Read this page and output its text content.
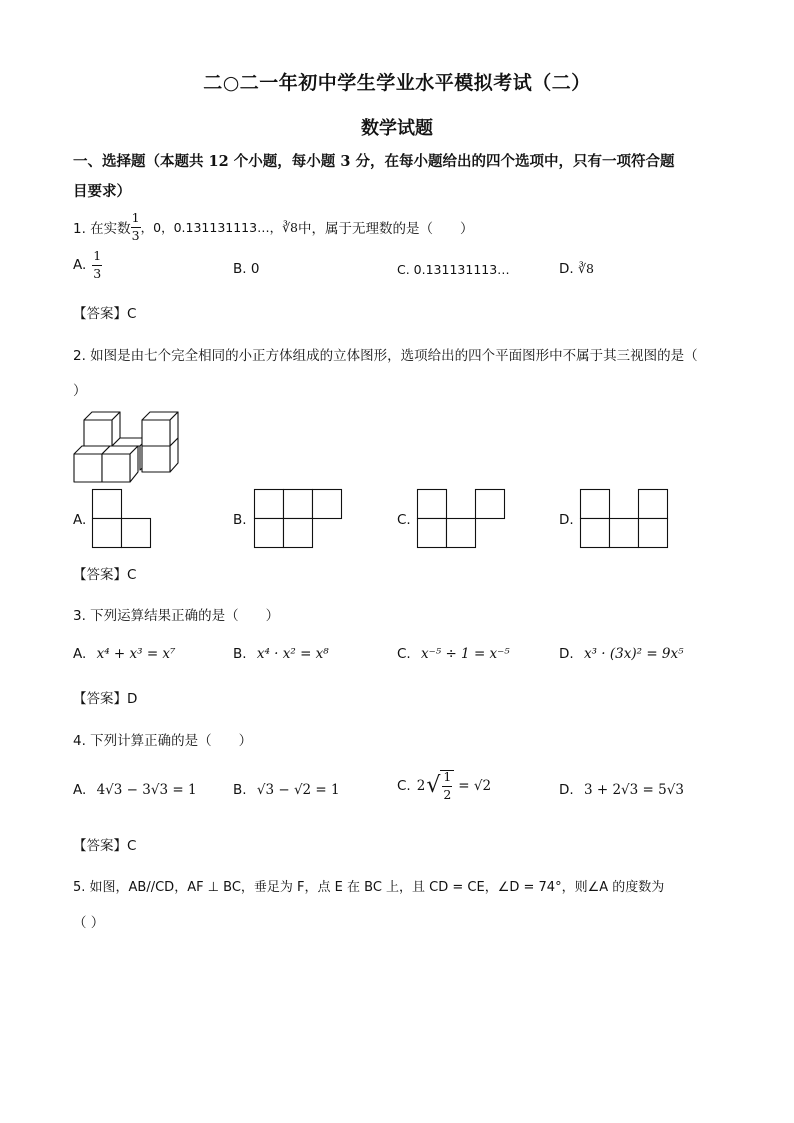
二○二一年初中学生学业水平模拟考试（二）
数学试题
一、选择题（本题共 12 个小题，每小题 3 分，在每小题给出的四个选项中，只有一项符合题
目要求）
1. 在实数 $\frac{1}{3}$ ，0，0.131131113…， ∛8 中，属于无理数的是（　　）
A. $\frac{1}{3}$	B. 0	C. 0.131131113…	D. ∛8
【答案】C
2. 如图是由七个完全相同的小正方体组成的立体图形，选项给出的四个平面图形中不属于其三视图的是（
）
A.	B.	C.	D.
【答案】C
3. 下列运算结果正确的是（　　）
A. x⁴ + x³ = x⁷	B. x⁴ · x² = x⁸	C. x⁻⁵ ÷ 1 = x⁻⁵	D. x³ · (3x)² = 9x⁵
【答案】D
4. 下列计算正确的是（　　）
A. 4√3 − 3√3 = 1	B. √3 − √2 = 1	C. 2 √ $\frac{1}{2} = √2$	D. 3 + 2√3 = 5√3
【答案】C
5. 如图，AB//CD，AF ⊥ BC，垂足为 F，点 E 在 BC 上，且 CD = CE，∠D = 74°，则∠A 的度数为
（ ）
